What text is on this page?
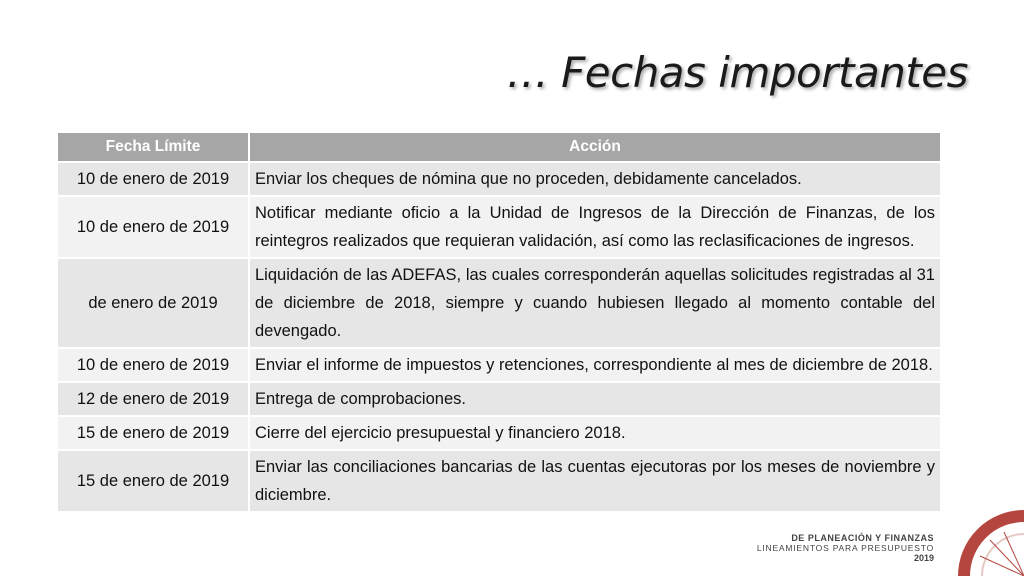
… Fechas importantes
Fecha Límite	Acción
10 de enero de 2019	Enviar los cheques de nómina que no proceden, debidamente cancelados.
10 de enero de 2019	Notificar mediante oficio a la Unidad de Ingresos de la Dirección de Finanzas, de los reintegros realizados que requieran validación, así como las reclasificaciones de ingresos.
de enero de 2019	Liquidación de las ADEFAS, las cuales corresponderán aquellas solicitudes registradas al 31 de diciembre de 2018, siempre y cuando hubiesen llegado al momento contable del devengado.
10 de enero de 2019	Enviar el informe de impuestos y retenciones, correspondiente al mes de diciembre de 2018.
12 de enero de 2019	Entrega de comprobaciones.
15 de enero de 2019	Cierre del ejercicio presupuestal y financiero 2018.
15 de enero de 2019	Enviar las conciliaciones bancarias de las cuentas ejecutoras por los meses de noviembre y diciembre.
DE PLANEACIÓN Y FINANZAS
LINEAMIENTOS PARA PRESUPUESTO
2019
